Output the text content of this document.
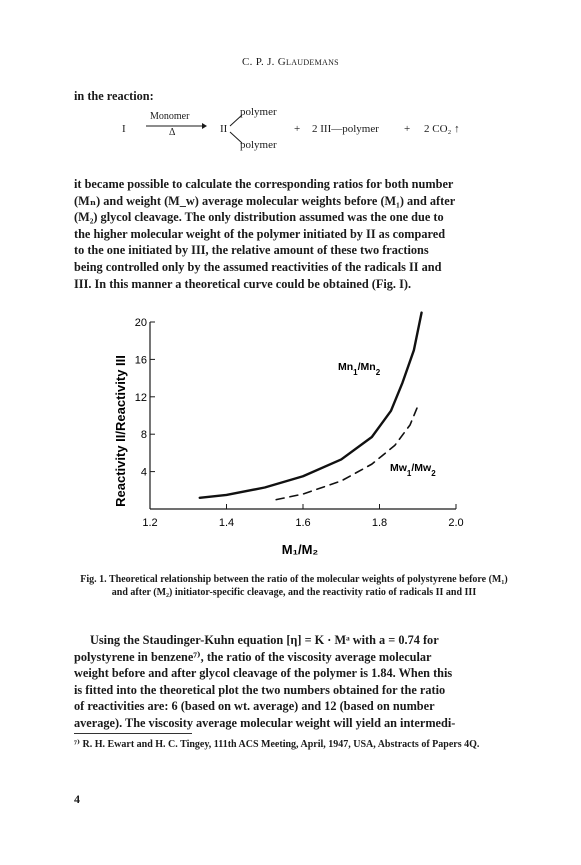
C. P. J. Glaudemans
in the reaction:
I
Monomer
Δ	II
polymer
polymer
+ 2 III—polymer + 2 CO₂ ↑
it became possible to calculate the corresponding ratios for both number
(Mₙ) and weight (M_w) average molecular weights before (M₁) and after
(M₂) glycol cleavage. The only distribution assumed was the one due to
the higher molecular weight of the polymer initiated by II as compared
to the one initiated by III, the relative amount of these two fractions
being controlled only by the assumed reactivities of the radicals II and
III. In this manner a theoretical curve could be obtained (Fig. I).
1.2	1.4	1.6	1.8	2.0
4
8
12
16
20
Reactivity II/Reactivity III
M₁/M₂
$Mn_1/Mn_2$
$Mw_1/Mw_2$
Fig. 1. Theoretical relationship between the ratio of the molecular weights of polystyrene before (M₁) and after (M₂) initiator-specific cleavage, and the reactivity ratio of radicals II and III
Using the Staudinger-Kuhn equation [η] = K · Mᵃ with a = 0.74 for
polystyrene in benzene⁷⁾, the ratio of the viscosity average molecular
weight before and after glycol cleavage of the polymer is 1.84. When this
is fitted into the theoretical plot the two numbers obtained for the ratio
of reactivities are: 6 (based on wt. average) and 12 (based on number
average). The viscosity average molecular weight will yield an intermedi-
⁷⁾ R. H. Ewart and H. C. Tingey, 111th ACS Meeting, April, 1947, USA, Abstracts of Papers 4Q.
4
